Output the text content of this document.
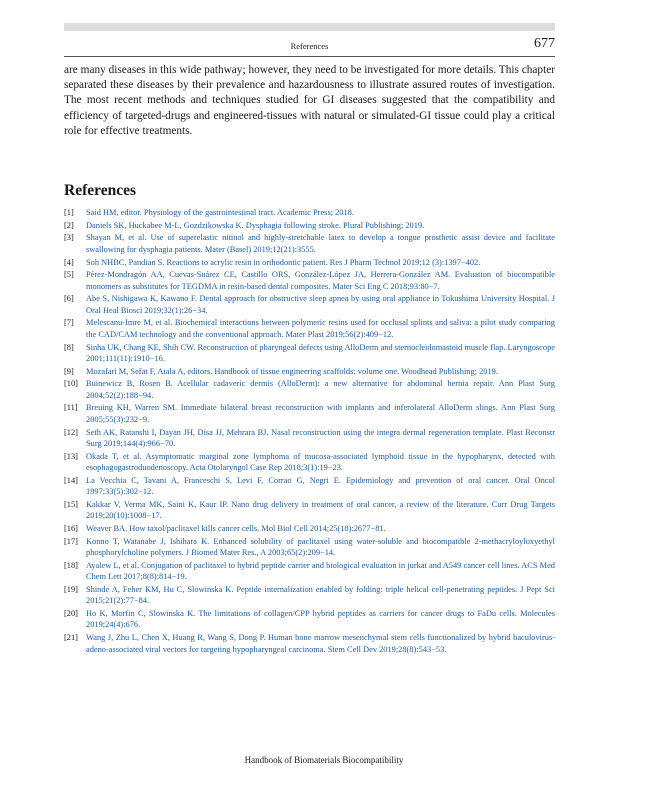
References	677

are many diseases in this wide pathway; however, they need to be investigated for more details. This chapter separated these diseases by their prevalence and hazardousness to illustrate assured routes of investigation. The most recent methods and techniques studied for GI diseases suggested that the compatibility and efficiency of targeted-drugs and engineered-tissues with natural or simulated-GI tissue could play a critical role for effective treatments.

References
[1]	Said HM, editor. Physiology of the gastrointestinal tract. Academic Press; 2018.
[2]	Daniels SK, Huckabee M-L, Gozdzikowska K. Dysphagia following stroke. Plural Publishing; 2019.
[3]	Shayan M, et al. Use of superelastic nitinol and highly-stretchable latex to develop a tongue prosthetic assist device and facilitate swallowing for dysphagia patients. Mater (Basel) 2019;12(21):3555.
[4]	Soh NHBC, Pandian S. Reactions to acrylic resin in orthodontic patient. Res J Pharm Technol 2019;12 (3):1397−402.
[5]	Pérez-Mondragón AA, Cuevas-Suárez CE, Castillo ORS, González-López JA, Herrera-González AM. Evaluation of biocompatible monomers as substitutes for TEGDMA in resin-based dental composites. Mater Sci Eng C 2018;93:80−7.
[6]	Abe S, Nishigawa K, Kawano F. Dental approach for obstructive sleep apnea by using oral appliance in Tokushima University Hospital. J Oral Heal Biosci 2019;32(1):26−34.
[7]	Melescanu-Imre M, et al. Biochemical interactions between polymeric resins used for occlusal splints and saliva: a pilot study comparing the CAD/CAM technology and the conventional approach. Mater Plast 2019;56(2):409−12.
[8]	Sinha UK, Chang KE, Shih CW. Reconstruction of pharyngeal defects using AlloDerm and sternocleidomastoid muscle flap. Laryngoscope 2001;111(11):1910−16.
[9]	Mozafari M, Sefat F, Atala A, editors. Handbook of tissue engineering scaffolds: volume one. Woodhead Publishing; 2019.
[10] Buinewicz B, Rosen B. Acellular cadaveric dermis (AlloDerm): a new alternative for abdominal hernia repair. Ann Plast Surg 2004;52(2):188−94.
[11] Breuing KH, Warren SM. Immediate bilateral breast reconstruction with implants and inferolateral AlloDerm slings. Ann Plast Surg 2005;55(3):232−9.
[12] Seth AK, Ratanshi I, Dayan JH, Disa JJ, Mehrara BJ. Nasal reconstruction using the integra dermal regeneration template. Plast Reconstr Surg 2019;144(4):966−70.
[13] Okada T, et al. Asymptomatic marginal zone lymphoma of mucosa-associated lymphoid tissue in the hypopharynx, detected with esophagogastroduodenoscopy. Acta Otolaryngol Case Rep 2018;3(1):19−23.
[14] La Vecchia C, Tavani A, Franceschi S, Levi F, Corrao G, Negri E. Epidemiology and prevention of oral cancer. Oral Oncol 1997;33(5):302−12.
[15] Kakkar V, Verma MK, Saini K, Kaur IP. Nano drug delivery in treatment of oral cancer, a review of the literature. Curr Drug Targets 2019;20(10):1008−17.
[16] Weaver BA. How taxol/paclitaxel kills cancer cells. Mol Biol Cell 2014;25(18):2677−81.
[17] Konno T, Watanabe J, Ishihara K. Enhanced solubility of paclitaxel using water-soluble and biocompatible 2-methacryloyloxyethyl phosphorylcholine polymers. J Biomed Mater Res., A 2003;65(2):209−14.
[18] Ayalew L, et al. Conjugation of paclitaxel to hybrid peptide carrier and biological evaluation in jurkat and A549 cancer cell lines. ACS Med Chem Lett 2017;8(8):814−19.
[19] Shinde A, Feher KM, Hu C, Slowinska K. Peptide internalization enabled by folding: triple helical cell-penetrating peptides. J Pept Sci 2015;21(2):77−84.
[20] Ho K, Morfin C, Slowinska K. The limitations of collagen/CPP hybrid peptides as carriers for cancer drugs to FaDu cells. Molecules 2019;24(4):676.
[21] Wang J, Zhu L, Chen X, Huang R, Wang S, Dong P. Human bone marrow mesenchymal stem cells functionalized by hybrid baculovirus-adeno-associated viral vectors for targeting hypopharyngeal carcinoma. Stem Cell Dev 2019;28(8):543−53.
Handbook of Biomaterials Biocompatibility
